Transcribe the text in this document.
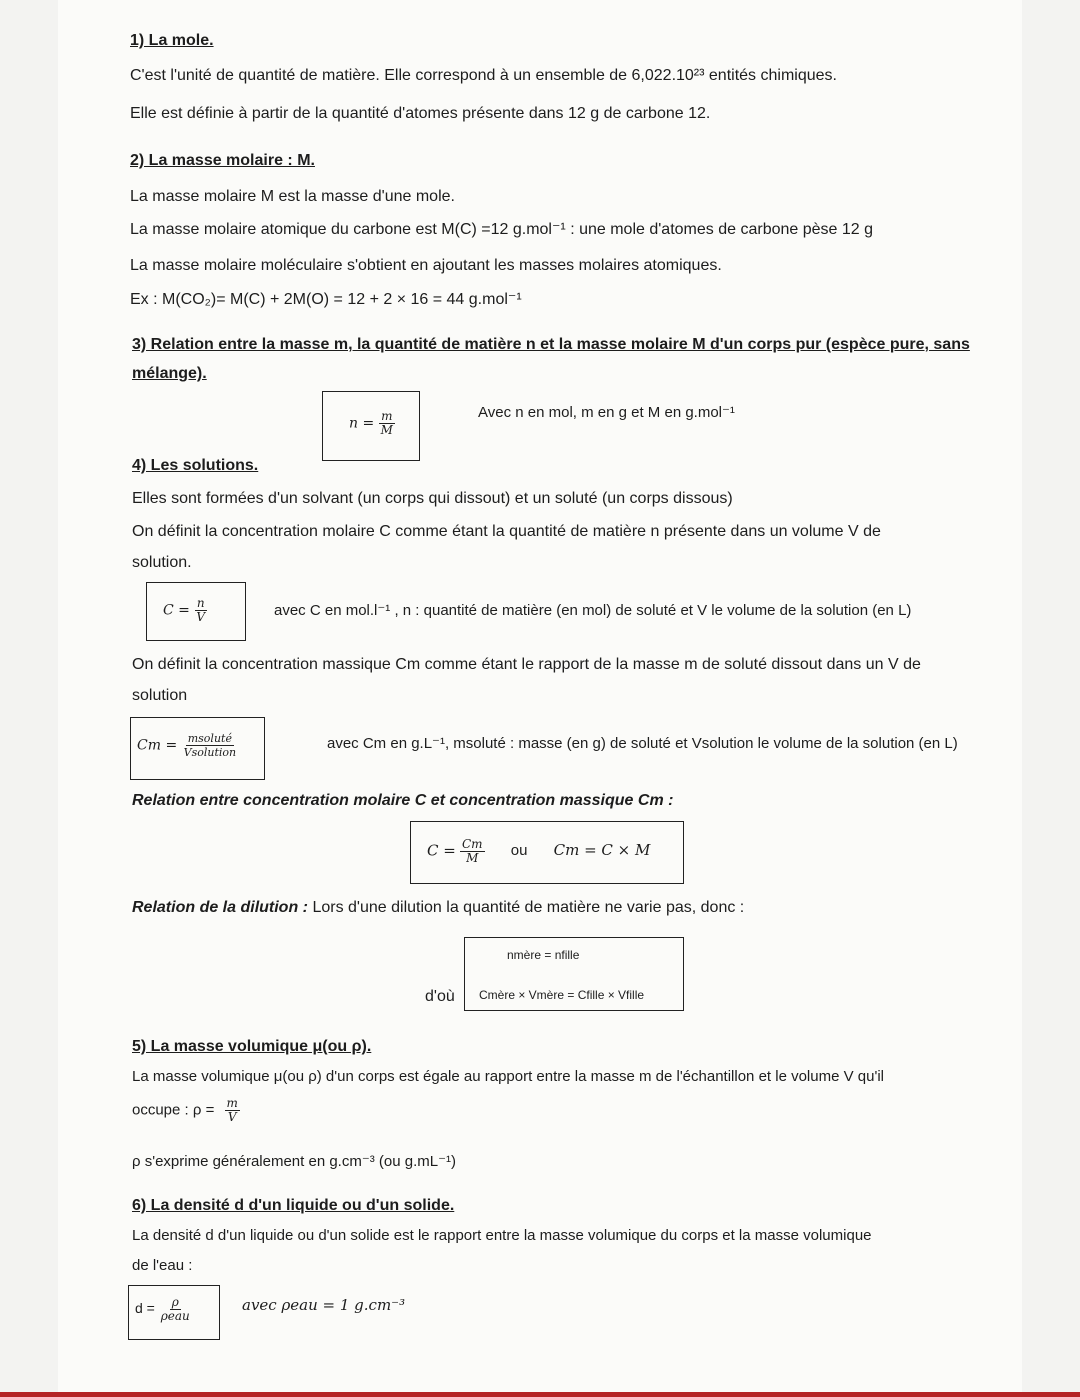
1) La mole.
C'est l'unité de quantité de matière. Elle correspond à un ensemble de 6,022.10²³ entités chimiques.
Elle est définie à partir de la quantité d'atomes présente dans 12 g de carbone 12.
2) La masse molaire : M.
La masse molaire M est la masse d'une mole.
La masse molaire atomique du carbone est M(C) =12 g.mol⁻¹ : une mole d'atomes de carbone pèse 12 g
La masse molaire moléculaire s'obtient en ajoutant les masses molaires atomiques.
Ex : M(CO₂)= M(C) + 2M(O) = 12 + 2 × 16 = 44 g.mol⁻¹
3) Relation entre la masse m, la quantité de matière n et la masse molaire M d'un corps pur (espèce pure, sans
mélange).
$n = \frac{m}{M}$	Avec n en mol, m en g et M en g.mol⁻¹
4) Les solutions.
Elles sont formées d'un solvant (un corps qui dissout) et un soluté (un corps dissous)
On définit la concentration molaire C comme étant la quantité de matière n présente dans un volume V de
solution.
$C = \frac{n}{V}$	avec C en mol.l⁻¹ , n : quantité de matière (en mol) de soluté et V le volume de la solution (en L)
On définit la concentration massique Cm comme étant le rapport de la masse m de soluté dissout dans un V de
solution
$Cm = \frac{\text{msoluté}}{\text{Vsolution}}$	avec Cm en g.L⁻¹, msoluté : masse (en g) de soluté et Vsolution le volume de la solution (en L)
Relation entre concentration molaire C et concentration massique Cm :
$C = \frac{Cm}{M}$ ou Cm = C × M
Relation de la dilution : Lors d'une dilution la quantité de matière ne varie pas, donc :
nmère = nfille
Cmère × Vmère = Cfille × Vfille
d'où
5) La masse volumique μ(ou ρ).
La masse volumique μ(ou ρ) d'un corps est égale au rapport entre la masse m de l'échantillon et le volume V qu'il
occupe : $\rho = \frac{m}{V}$
ρ s'exprime généralement en g.cm⁻³ (ou g.mL⁻¹)
6) La densité d d'un liquide ou d'un solide.
La densité d d'un liquide ou d'un solide est le rapport entre la masse volumique du corps et la masse volumique
de l'eau :
$d = \frac{\rho}{\text{ρeau}}$	avec ρeau = 1 g.cm⁻³
